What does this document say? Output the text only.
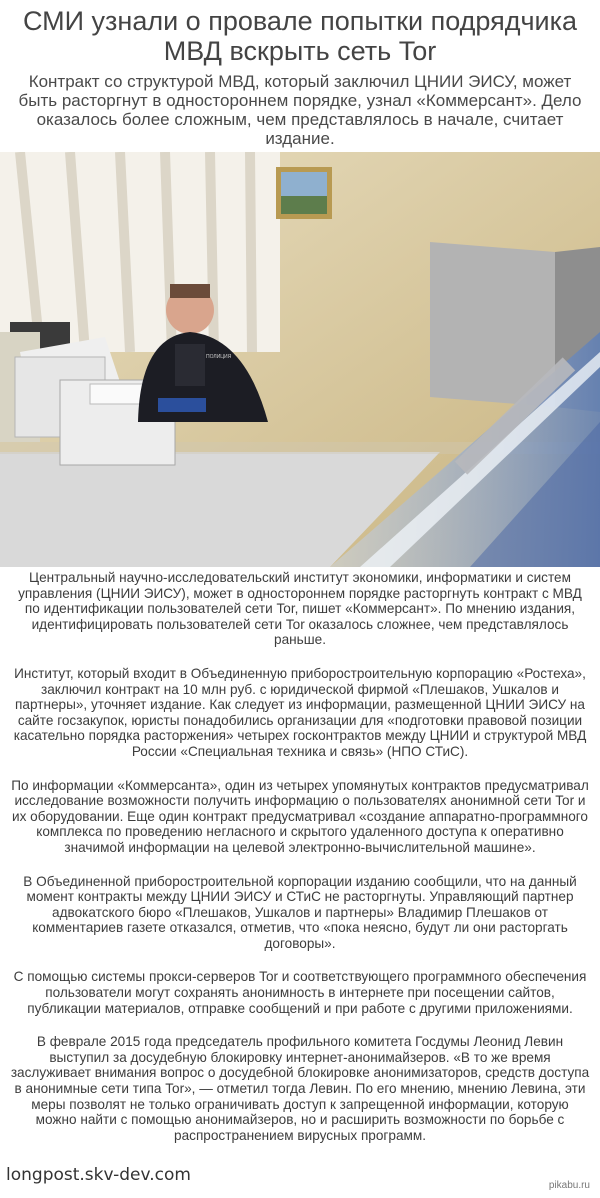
СМИ узнали о провале попытки подрядчика МВД вскрыть сеть Tor

Контракт со структурой МВД, который заключил ЦНИИ ЭИСУ, может быть расторгнут в одностороннем порядке, узнал «Коммерсант». Дело оказалось более сложным, чем представлялось в начале, считает издание.

ПОЛИЦИЯ

Центральный научно-исследовательский институт экономики, информатики и систем управления (ЦНИИ ЭИСУ), может в одностороннем порядке расторгнуть контракт с МВД по идентификации пользователей сети Tor, пишет «Коммерсант». По мнению издания, идентифицировать пользователей сети Tor оказалось сложнее, чем представлялось раньше.

Институт, который входит в Объединенную приборостроительную корпорацию «Ростеха», заключил контракт на 10 млн руб. с юридической фирмой «Плешаков, Ушкалов и партнеры», уточняет издание. Как следует из информации, размещенной ЦНИИ ЭИСУ на сайте госзакупок, юристы понадобились организации для «подготовки правовой позиции касательно порядка расторжения» четырех госконтрактов между ЦНИИ и структурой МВД России «Специальная техника и связь» (НПО СТиС).

По информации «Коммерсанта», один из четырех упомянутых контрактов предусматривал исследование возможности получить информацию о пользователях анонимной сети Tor и их оборудовании. Еще один контракт предусматривал «создание аппаратно-программного комплекса по проведению негласного и скрытого удаленного доступа к оперативно значимой информации на целевой электронно-вычислительной машине».

В Объединенной приборостроительной корпорации изданию сообщили, что на данный момент контракты между ЦНИИ ЭИСУ и СТиС не расторгнуты. Управляющий партнер адвокатского бюро «Плешаков, Ушкалов и партнеры» Владимир Плешаков от комментариев газете отказался, отметив, что «пока неясно, будут ли они расторгать договоры».

С помощью системы прокси-серверов Tor и соответствующего программного обеспечения пользователи могут сохранять анонимность в интернете при посещении сайтов, публикации материалов, отправке сообщений и при работе с другими приложениями.

В феврале 2015 года председатель профильного комитета Госдумы Леонид Левин выступил за досудебную блокировку интернет-анонимайзеров. «В то же время заслуживает внимания вопрос о досудебной блокировке анонимизаторов, средств доступа в анонимные сети типа Tor», — отметил тогда Левин. По его мнению, мнению Левина, эти меры позволят не только ограничивать доступ к запрещенной информации, которую можно найти с помощью анонимайзеров, но и расширить возможности по борьбе с распространением вирусных программ.

longpost.skv-dev.com
pikabu.ru
